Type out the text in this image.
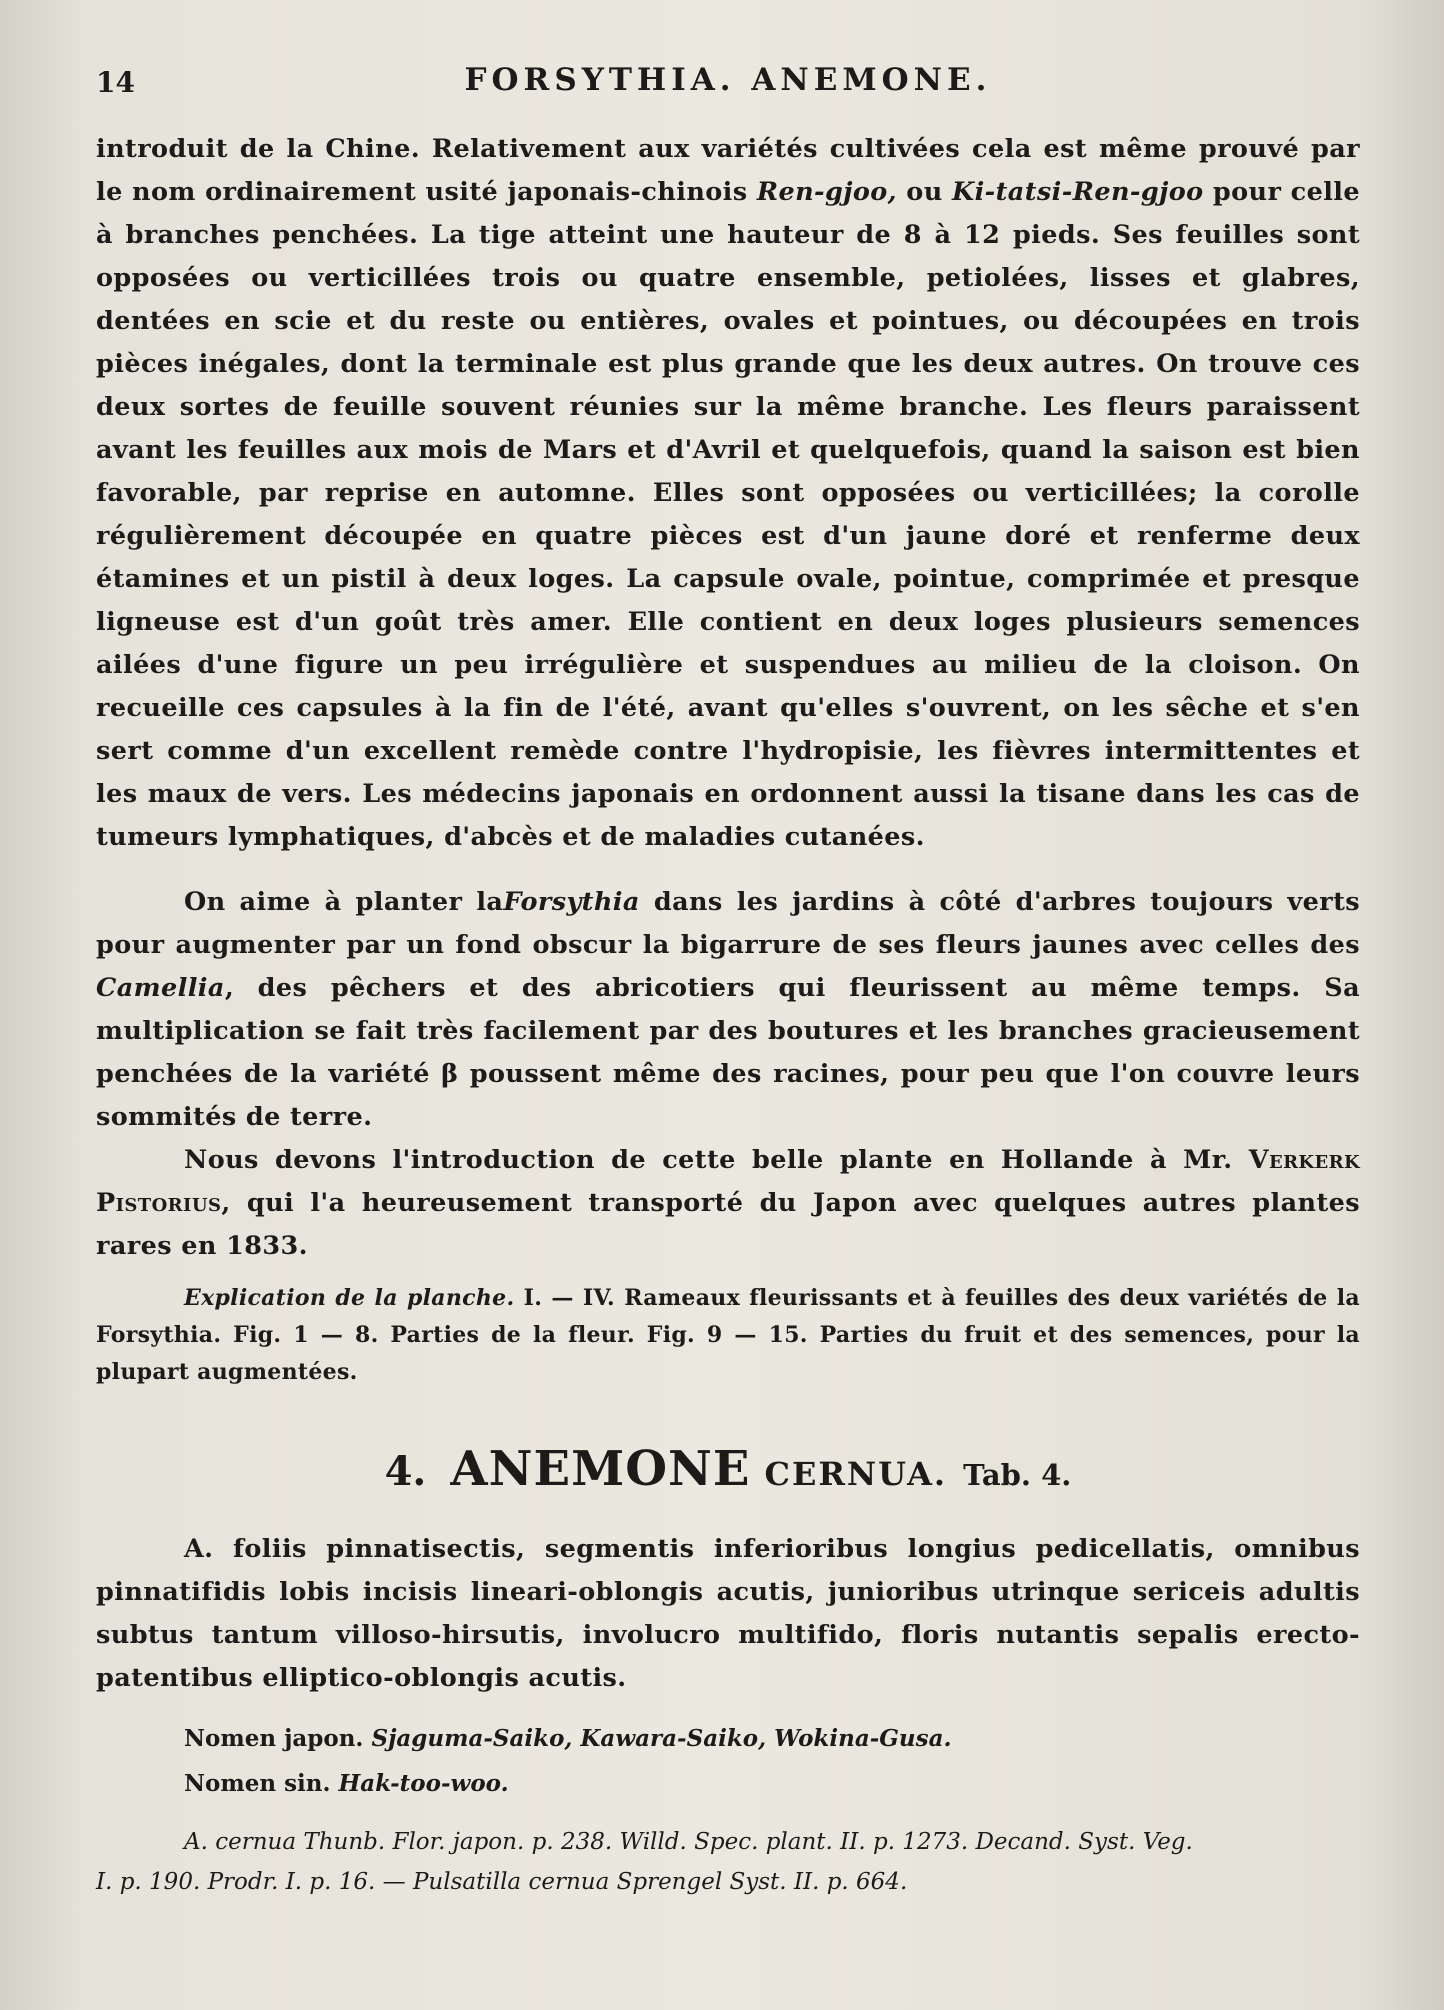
14	FORSYTHIA. ANEMONE.

introduit de la Chine. Relativement aux variétés cultivées cela est même prouvé par le nom ordinairement usité japonais-chinois Ren-gjoo, ou Ki-tatsi-Ren-gjoo pour celle à branches penchées. La tige atteint une hauteur de 8 à 12 pieds. Ses feuilles sont opposées ou verticillées trois ou quatre ensemble, petiolées, lisses et glabres, dentées en scie et du reste ou entières, ovales et pointues, ou découpées en trois pièces inégales, dont la terminale est plus grande que les deux autres. On trouve ces deux sortes de feuille souvent réunies sur la même branche. Les fleurs paraissent avant les feuilles aux mois de Mars et d'Avril et quelquefois, quand la saison est bien favorable, par reprise en automne. Elles sont opposées ou verticillées; la corolle régulièrement découpée en quatre pièces est d'un jaune doré et renferme deux étamines et un pistil à deux loges. La capsule ovale, pointue, comprimée et presque ligneuse est d'un goût très amer. Elle contient en deux loges plusieurs semences ailées d'une figure un peu irrégulière et suspendues au milieu de la cloison. On recueille ces capsules à la fin de l'été, avant qu'elles s'ouvrent, on les sêche et s'en sert comme d'un excellent remède contre l'hydropisie, les fièvres intermittentes et les maux de vers. Les médecins japonais en ordonnent aussi la tisane dans les cas de tumeurs lymphatiques, d'abcès et de maladies cutanées.

On aime à planter laForsythia dans les jardins à côté d'arbres toujours verts pour augmenter par un fond obscur la bigarrure de ses fleurs jaunes avec celles des Camellia, des pêchers et des abricotiers qui fleurissent au même temps. Sa multiplication se fait très facilement par des boutures et les branches gracieusement penchées de la variété β poussent même des racines, pour peu que l'on couvre leurs sommités de terre.

Nous devons l'introduction de cette belle plante en Hollande à Mr. Verkerk Pistorius, qui l'a heureusement transporté du Japon avec quelques autres plantes rares en 1833.

Explication de la planche. I. — IV. Rameaux fleurissants et à feuilles des deux variétés de la Forsythia. Fig. 1 — 8. Parties de la fleur. Fig. 9 — 15. Parties du fruit et des semences, pour la plupart augmentées.

4. ANEMONE CERNUA. Tab. 4.

A. foliis pinnatisectis, segmentis inferioribus longius pedicellatis, omnibus pinnatifidis lobis incisis lineari-oblongis acutis, junioribus utrinque sericeis adultis subtus tantum villoso-hirsutis, involucro multifido, floris nutantis sepalis erecto-patentibus elliptico-oblongis acutis.

Nomen japon. Sjaguma-Saiko, Kawara-Saiko, Wokina-Gusa.
Nomen sin. Hak-too-woo.
A. cernua Thunb. Flor. japon. p. 238. Willd. Spec. plant. II. p. 1273. Decand. Syst. Veg.
I. p. 190. Prodr. I. p. 16. — Pulsatilla cernua Sprengel Syst. II. p. 664.
